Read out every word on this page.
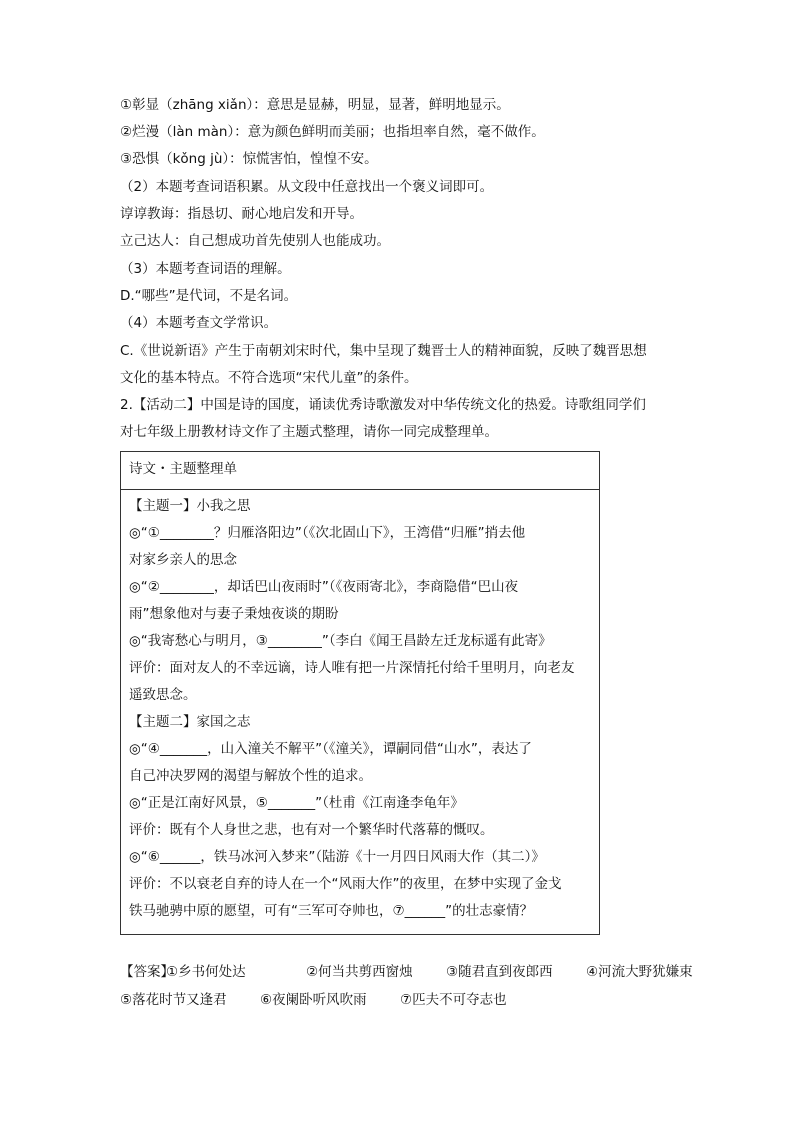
①彰显（zhāng xiǎn）：意思是显赫，明显，显著，鲜明地显示。
②烂漫（làn màn）：意为颜色鲜明而美丽；也指坦率自然，毫不做作。
③恐惧（kǒng jù）：惊慌害怕，惶惶不安。
（2）本题考查词语积累。从文段中任意找出一个褒义词即可。
谆谆教诲：指恳切、耐心地启发和开导。
立己达人：自己想成功首先使别人也能成功。
（3）本题考查词语的理解。
D.“哪些”是代词，不是名词。
（4）本题考查文学常识。
C.《世说新语》产生于南朝刘宋时代，集中呈现了魏晋士人的精神面貌，反映了魏晋思想
文化的基本特点。不符合选项“宋代儿童”的条件。
2.【活动二】中国是诗的国度，诵读优秀诗歌激发对中华传统文化的热爱。诗歌组同学们
对七年级上册教材诗文作了主题式整理，请你一同完成整理单。
诗文・主题整理单
【主题一】小我之思
◎“①________？归雁洛阳边”（《次北固山下》，王湾借“归雁”捎去他
对家乡亲人的思念
◎“②________，却话巴山夜雨时”（《夜雨寄北》，李商隐借“巴山夜
雨”想象他对与妻子秉烛夜谈的期盼
◎“我寄愁心与明月，③________”（李白《闻王昌龄左迁龙标遥有此寄》
评价：面对友人的不幸远谪，诗人唯有把一片深情托付给千里明月，向老友
遥致思念。
【主题二】家国之志
◎“④_______，山入潼关不解平”（《潼关》，谭嗣同借“山水”，表达了
自己冲决罗网的渴望与解放个性的追求。
◎“正是江南好风景，⑤_______”（杜甫《江南逢李龟年》
评价：既有个人身世之悲，也有对一个繁华时代落幕的慨叹。
◎“⑥______，铁马冰河入梦来”（陆游《十一月四日风雨大作（其二）》
评价：不以衰老自弃的诗人在一个“风雨大作”的夜里，在梦中实现了金戈
铁马驰骋中原的愿望，可有“三军可夺帅也，⑦______”的壮志豪情？
【答案】①乡书何处达	②何当共剪西窗烛 ③随君直到夜郎西 ④河流大野犹嫌束
⑤落花时节又逢君 ⑥夜阑卧听风吹雨 ⑦匹夫不可夺志也
